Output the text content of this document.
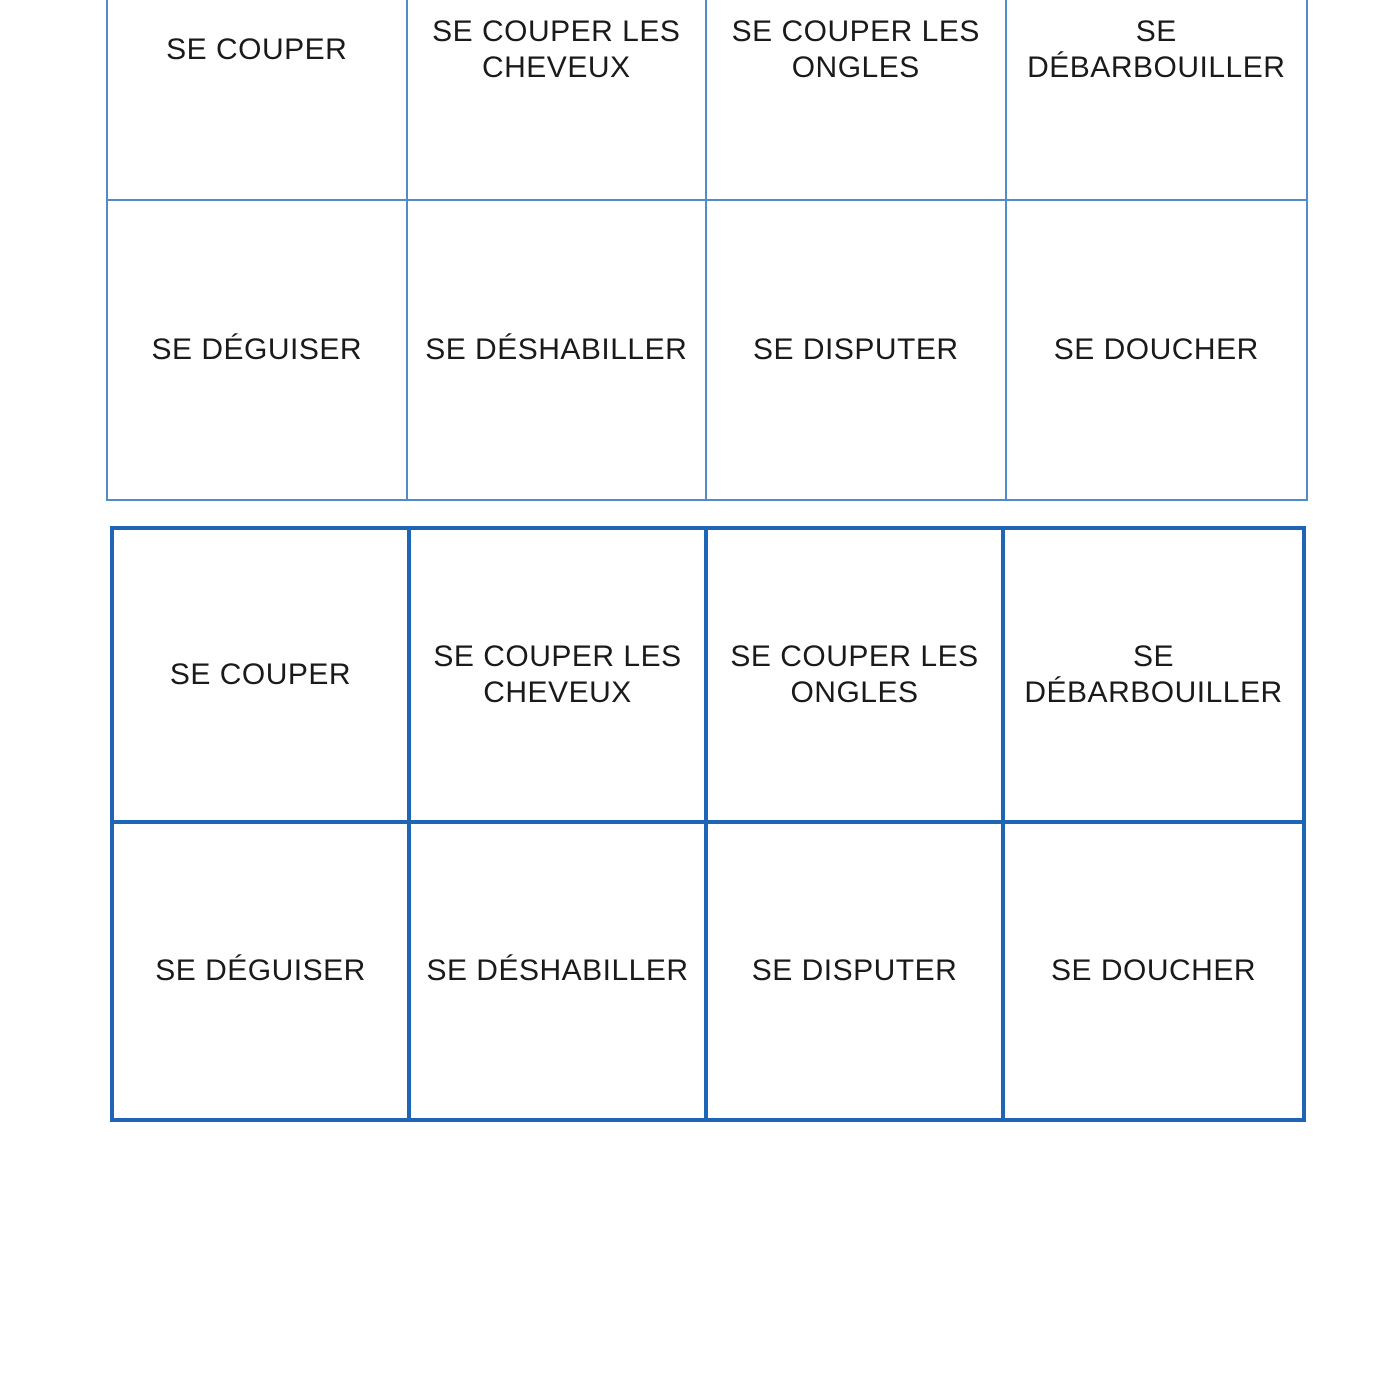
SE COUPER
SE COUPER LES CHEVEUX
SE COUPER LES ONGLES
SE DÉBARBOUILLER
SE DÉGUISER SE DÉSHABILLER SE DISPUTER	SE DOUCHER
SE COUPER
SE COUPER LES CHEVEUX
SE COUPER LES ONGLES
SE DÉBARBOUILLER
SE DÉGUISER SE DÉSHABILLER SE DISPUTER	SE DOUCHER
